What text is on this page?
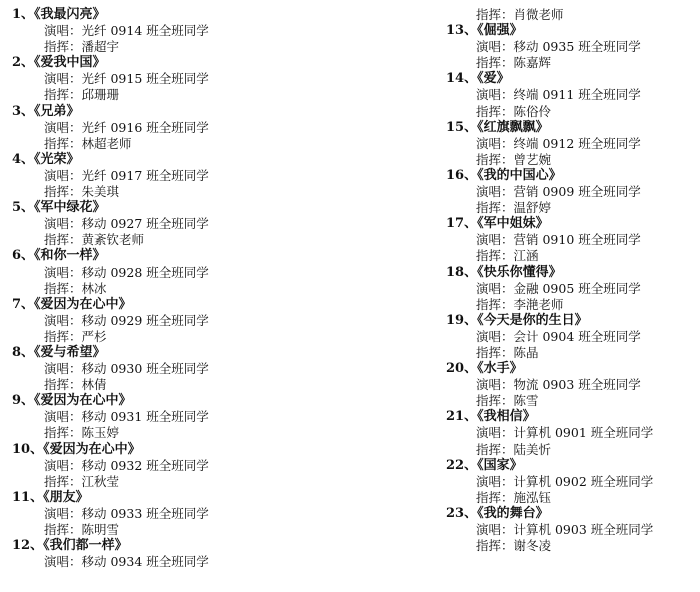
1、《我最闪亮》
演唱：光纤 0914 班全班同学
指挥：潘超宇
2、《爱我中国》
演唱：光纤 0915 班全班同学
指挥：邱珊珊
3、《兄弟》
演唱：光纤 0916 班全班同学
指挥：林超老师
4、《光荣》
演唱：光纤 0917 班全班同学
指挥：朱美琪
5、《军中绿花》
演唱：移动 0927 班全班同学
指挥：黄紊钦老师
6、《和你一样》
演唱：移动 0928 班全班同学
指挥：林冰
7、《爱因为在心中》
演唱：移动 0929 班全班同学
指挥：严杉
8、《爱与希望》
演唱：移动 0930 班全班同学
指挥：林倩
9、《爱因为在心中》
演唱：移动 0931 班全班同学
指挥：陈玉婷
10、《爱因为在心中》
演唱：移动 0932 班全班同学
指挥：江秋莹
11、《朋友》
演唱：移动 0933 班全班同学
指挥：陈明雪
12、《我们都一样》
演唱：移动 0934 班全班同学
指挥：肖微老师
13、《倔强》
演唱：移动 0935 班全班同学
指挥：陈嘉辉
14、《爱》
演唱：终端 0911 班全班同学
指挥：陈俗伶
15、《红旗飘飘》
演唱：终端 0912 班全班同学
指挥：曾艺婉
16、《我的中国心》
演唱：营销 0909 班全班同学
指挥：温舒婷
17、《军中姐妹》
演唱：营销 0910 班全班同学
指挥：江涵
18、《快乐你懂得》
演唱：金融 0905 班全班同学
指挥：李滟老师
19、《今天是你的生日》
演唱：会计 0904 班全班同学
指挥：陈晶
20、《水手》
演唱：物流 0903 班全班同学
指挥：陈雪
21、《我相信》
演唱：计算机 0901 班全班同学
指挥：陆美忻
22、《国家》
演唱：计算机 0902 班全班同学
指挥：施泓钰
23、《我的舞台》
演唱：计算机 0903 班全班同学
指挥：谢冬凌
